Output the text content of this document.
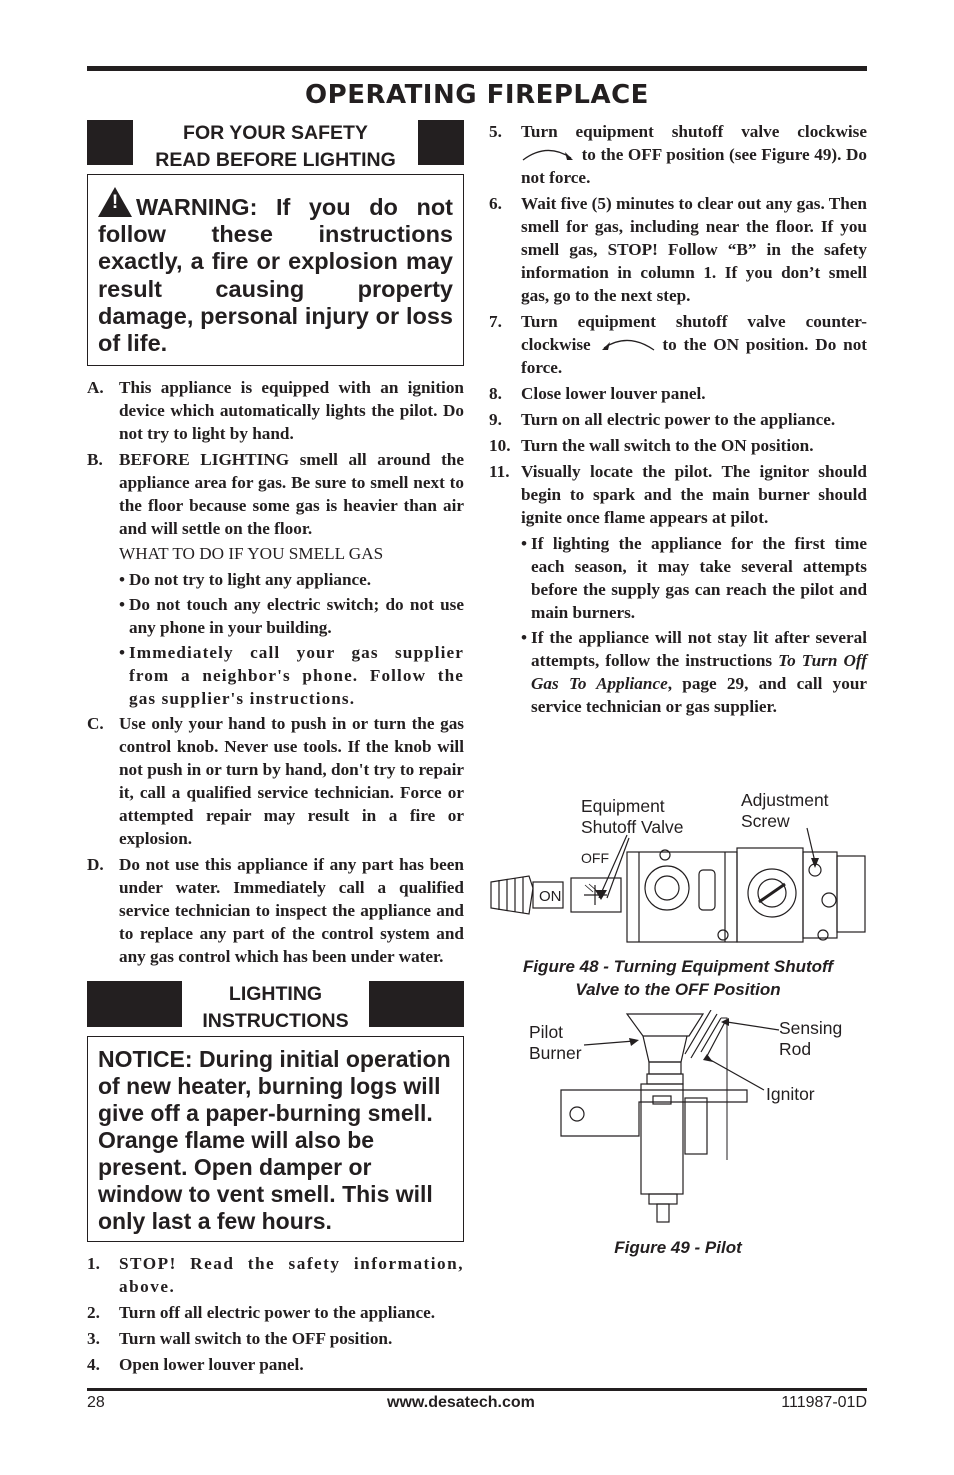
OPERATING FIREPLACE
FOR YOUR SAFETY
READ BEFORE LIGHTING
! WARNING: If you do not follow these instructions exactly, a fire or explosion may result causing property damage, personal injury or loss of life.
A. This appliance is equipped with an ignition device which automatically lights the pilot. Do not try to light by hand.
B. BEFORE LIGHTING smell all around the appliance area for gas. Be sure to smell next to the floor because some gas is heavier than air and will settle on the floor.
WHAT TO DO IF YOU SMELL GAS
• Do not try to light any appliance.
• Do not touch any electric switch; do not use any phone in your building.
• Immediately call your gas supplier from a neighbor's phone. Follow the gas supplier's instructions.
C. Use only your hand to push in or turn the gas control knob. Never use tools. If the knob will not push in or turn by hand, don't try to repair it, call a qualified service technician. Force or attempted repair may result in a fire or explosion.
D. Do not use this appliance if any part has been under water. Immediately call a qualified service technician to inspect the appliance and to replace any part of the control system and any gas control which has been under water.
LIGHTING
INSTRUCTIONS
NOTICE: During initial operation of new heater, burning logs will give off a paper-burning smell. Orange flame will also be present. Open damper or window to vent smell. This will only last a few hours.
1.	STOP! Read the safety information, above.
2.	Turn off all electric power to the appliance.
3.	Turn wall switch to the OFF position.
4.	Open lower louver panel.
5.	Turn equipment shutoff valve clockwise  to the OFF position (see Figure 49). Do not force.
6.	Wait five (5) minutes to clear out any gas. Then smell for gas, including near the floor. If you smell gas, STOP! Follow “B” in the safety information in column 1. If you don’t smell gas, go to the next step.
7.	Turn equipment shutoff valve counter-clockwise	to the ON position. Do not force.
8.	Close lower louver panel.
9.	Turn on all electric power to the appliance.
10. Turn the wall switch to the ON position.
11. Visually locate the pilot. The ignitor should begin to spark and the main burner should ignite once flame appears at pilot.
• If lighting the appliance for the first time each season, it may take several attempts before the supply gas can reach the pilot and main burners.
• If the appliance will not stay lit after several attempts, follow the instructions To Turn Off Gas To Appliance, page 29, and call your service technician or gas supplier.
Equipment
Shutoff Valve
Adjustment
Screw
OFF
ON
Figure 48 - Turning Equipment Shutoff
Valve to the OFF Position
Pilot
Burner
Sensing
Rod
Ignitor
Figure 49 - Pilot
28	www.desatech.com	111987-01D
